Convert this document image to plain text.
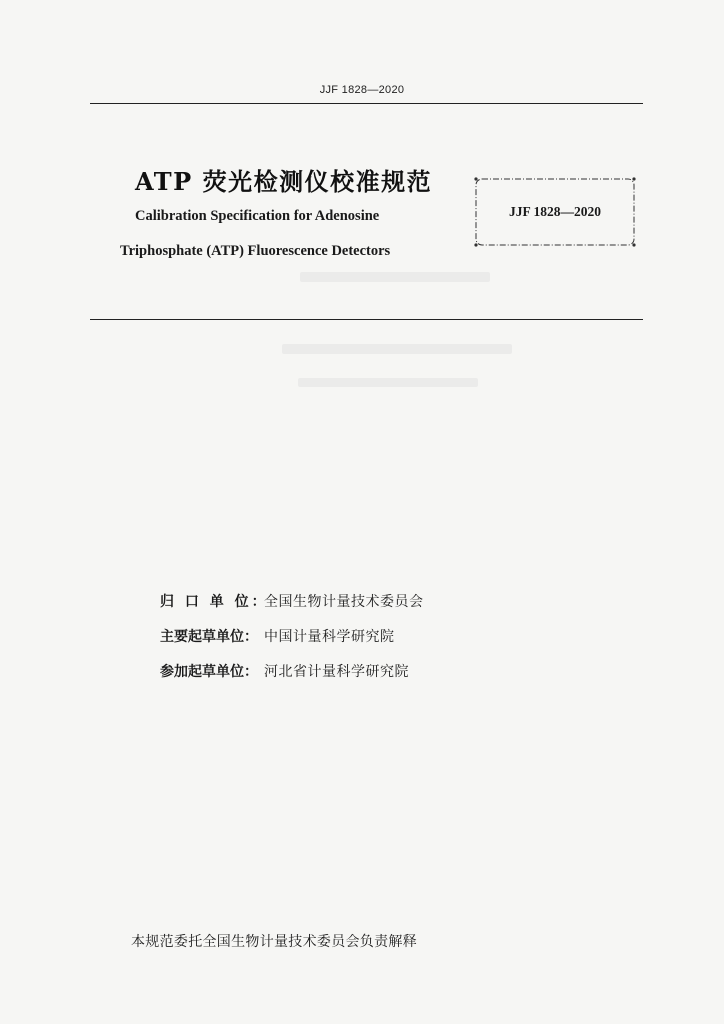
JJF 1828—2020
ATP 荧光检测仪校准规范
Calibration Specification for Adenosine
Triphosphate (ATP) Fluorescence Detectors
JJF 1828—2020
归 口 单 位：
全国生物计量技术委员会
主要起草单位： 中国计量科学研究院
参加起草单位： 河北省计量科学研究院
本规范委托全国生物计量技术委员会负责解释
